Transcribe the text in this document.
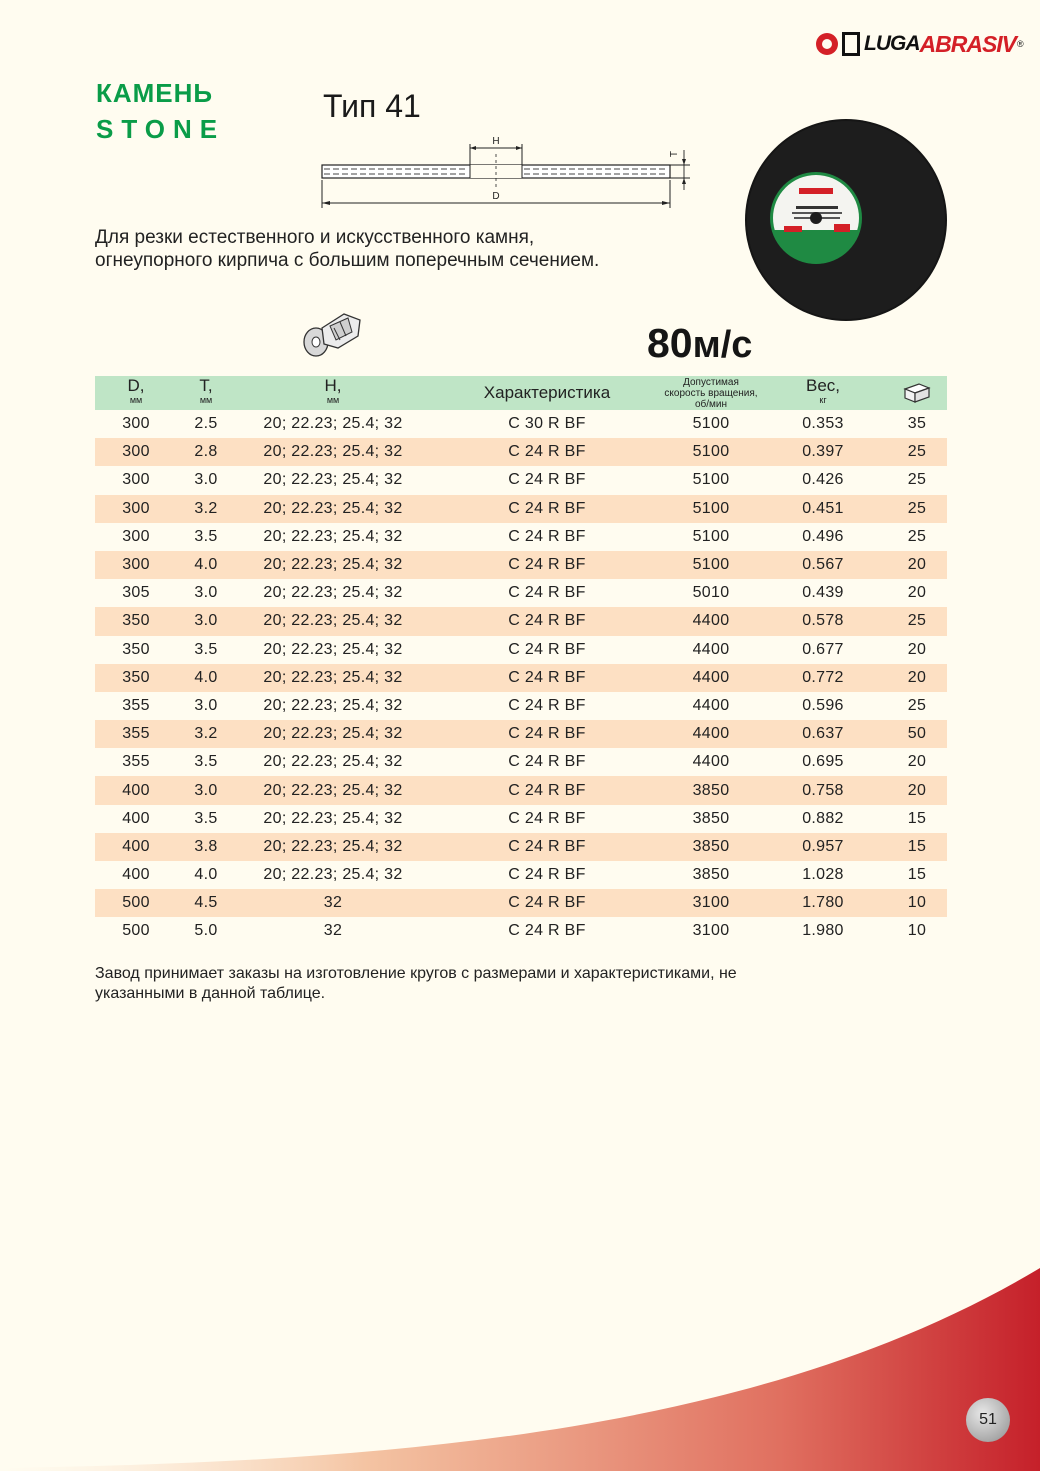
LUGA ABRASIV ®
КАМЕНЬ
STONE
Тип 41
H
D
T
Для резки естественного и искусственного камня, огнеупорного кирпича с большим поперечным сечением.
80м/с
D,
мм	T,
мм	H,
мм	Характеристика	Допустимая
скорость вращения,
об/мин	Вес,
кг

300	2.5	20; 22.23; 25.4; 32	C 30 R BF	5100	0.353	35
300	2.8	20; 22.23; 25.4; 32	C 24 R BF	5100	0.397	25
300	3.0	20; 22.23; 25.4; 32	C 24 R BF	5100	0.426	25
300	3.2	20; 22.23; 25.4; 32	C 24 R BF	5100	0.451	25
300	3.5	20; 22.23; 25.4; 32	C 24 R BF	5100	0.496	25
300	4.0	20; 22.23; 25.4; 32	C 24 R BF	5100	0.567	20
305	3.0	20; 22.23; 25.4; 32	C 24 R BF	5010	0.439	20
350	3.0	20; 22.23; 25.4; 32	C 24 R BF	4400	0.578	25
350	3.5	20; 22.23; 25.4; 32	C 24 R BF	4400	0.677	20
350	4.0	20; 22.23; 25.4; 32	C 24 R BF	4400	0.772	20
355	3.0	20; 22.23; 25.4; 32	C 24 R BF	4400	0.596	25
355	3.2	20; 22.23; 25.4; 32	C 24 R BF	4400	0.637	50
355	3.5	20; 22.23; 25.4; 32	C 24 R BF	4400	0.695	20
400	3.0	20; 22.23; 25.4; 32	C 24 R BF	3850	0.758	20
400	3.5	20; 22.23; 25.4; 32	C 24 R BF	3850	0.882	15
400	3.8	20; 22.23; 25.4; 32	C 24 R BF	3850	0.957	15
400	4.0	20; 22.23; 25.4; 32	C 24 R BF	3850	1.028	15
500	4.5	32	C 24 R BF	3100	1.780	10
500	5.0	32	C 24 R BF	3100	1.980	10
Завод принимает заказы на изготовление кругов с размерами и характеристиками, не указанными в данной таблице.
51
